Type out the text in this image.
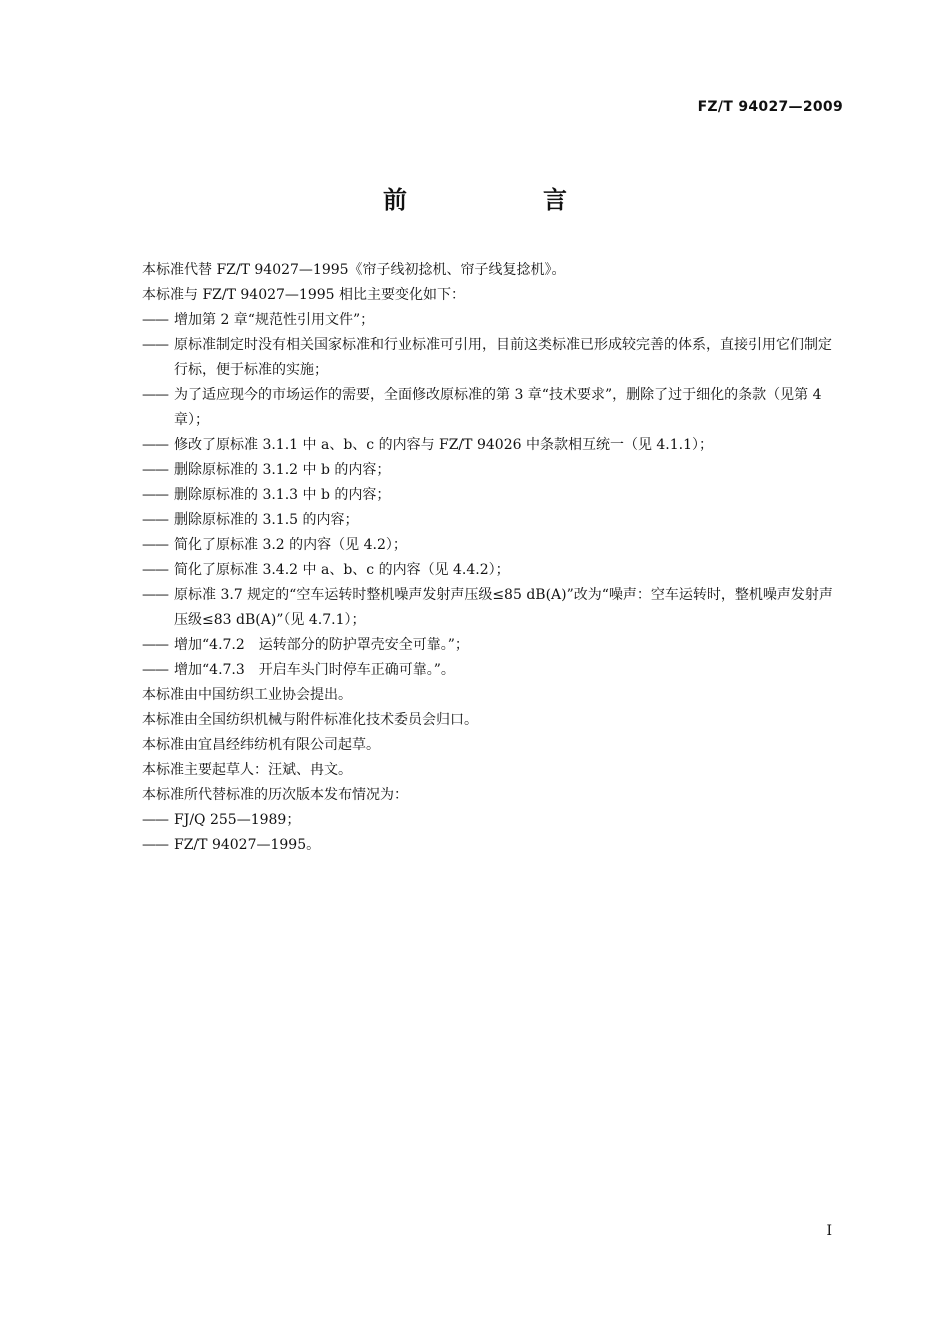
FZ/T 94027—2009
前　言

本标准代替 FZ/T 94027—1995《帘子线初捻机、帘子线复捻机》。

本标准与 FZ/T 94027—1995 相比主要变化如下：

—— 增加第 2 章“规范性引用文件”；

—— 原标准制定时没有相关国家标准和行业标准可引用，目前这类标准已形成较完善的体系，直接引用它们制定行标，便于标准的实施；

—— 为了适应现今的市场运作的需要，全面修改原标准的第 3 章“技术要求”，删除了过于细化的条款（见第 4 章）；

—— 修改了原标准 3.1.1 中 a、b、c 的内容与 FZ/T 94026 中条款相互统一（见 4.1.1）；

—— 删除原标准的 3.1.2 中 b 的内容；

—— 删除原标准的 3.1.3 中 b 的内容；

—— 删除原标准的 3.1.5 的内容；

—— 简化了原标准 3.2 的内容（见 4.2）；

—— 简化了原标准 3.4.2 中 a、b、c 的内容（见 4.4.2）；

—— 原标准 3.7 规定的“空车运转时整机噪声发射声压级≤85 dB(A)”改为“噪声：空车运转时，整机噪声发射声压级≤83 dB(A)”（见 4.7.1）；

—— 增加“4.7.2　运转部分的防护罩壳安全可靠。”；

—— 增加“4.7.3　开启车头门时停车正确可靠。”。

本标准由中国纺织工业协会提出。

本标准由全国纺织机械与附件标准化技术委员会归口。

本标准由宜昌经纬纺机有限公司起草。

本标准主要起草人：汪斌、冉文。

本标准所代替标准的历次版本发布情况为：

—— FJ/Q 255—1989；

—— FZ/T 94027—1995。

I
